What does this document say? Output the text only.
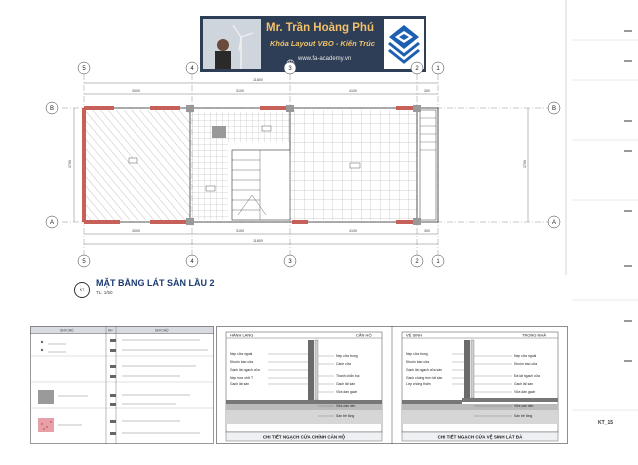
Mr. Trần Hoàng Phú
Khóa Layout VBO - Kiến Trúc
www.fa-academy.vn
11800
3000	3100	4100	300
3000	3150	4100	300
11800
3700	3700
5	4	3	2	1
5	4	3	2	1
B
A
B
A
KT
MẶT BẰNG LÁT SÀN LẦU 2
TL: 1/50
GHI CHÚ	KH	GHI CHÚ
HÀNH LANG	CĂN HỘ	VỆ SINH	TRONG NHÀ
Nẹp cửa ngoài
Khuôn bao cửa
Gạch lát ngạch cửa
Nẹp inox chữ T
Gạch lát sàn
Nẹp cửa trong
Cánh cửa
Thanh chắn bụi
Gạch lát sàn
Vữa dán gạch
Vữa cán nền
Sàn bê tông
Nẹp cửa trong
Khuôn bao cửa
Gạch lát ngạch cửa sàn
Gạch chống trơn lát sàn
Lớp chống thấm
Nẹp cửa ngoài
Khuôn bao cửa
Đá lát ngạch cửa
Gạch lát sàn
Vữa dán gạch
Vữa cán nền
Sàn bê tông
CHI TIẾT NGẠCH CỬA CHÍNH CĂN HỘ	CHI TIẾT NGẠCH CỬA VỆ SINH LÁT ĐÁ
KT_15
